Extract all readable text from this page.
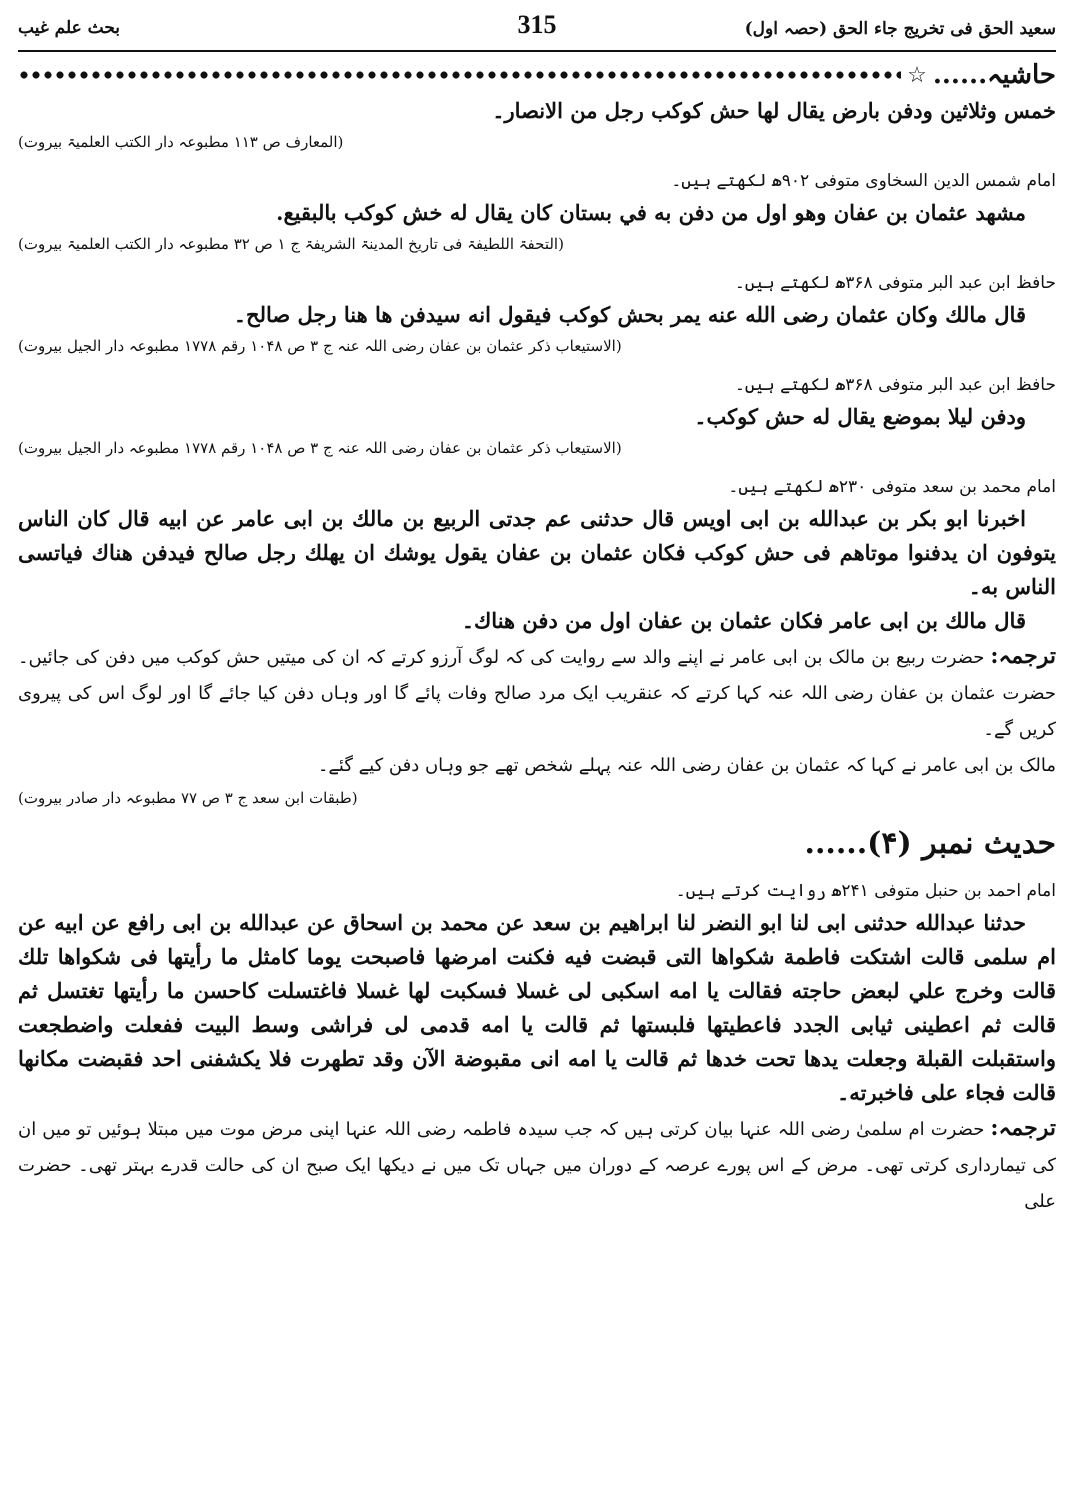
سعید الحق فی تخریج جاء الحق (حصہ اول)
315
بحث علم غیب
حاشیہ......
☆

خمس وثلاثين ودفن بارض يقال لها حش كوكب رجل من الانصار۔

(المعارف ص ۱۱۳ مطبوعہ دار الکتب العلمیۃ بیروت)

امام شمس الدین السخاوی متوفی ۹۰۲ھ لکھتے ہیں۔

مشهد عثمان بن عفان وهو اول من دفن به في بستان كان يقال له خش كوكب بالبقيع.

(التحفۃ اللطیفۃ فی تاریخ المدینۃ الشریفۃ ج ۱ ص ۳۲ مطبوعہ دار الکتب العلمیۃ بیروت)

حافظ ابن عبد البر متوفی ۳۶۸ھ لکھتے ہیں۔

قال مالك وكان عثمان رضى الله عنه يمر بحش كوكب فيقول انه سيدفن ها هنا رجل صالح۔

(الاستیعاب ذکر عثمان بن عفان رضی اللہ عنہ ج ۳ ص ۱۰۴۸ رقم ۱۷۷۸ مطبوعہ دار الجیل بیروت)

حافظ ابن عبد البر متوفی ۳۶۸ھ لکھتے ہیں۔

ودفن ليلا بموضع يقال له حش كوكب۔

(الاستیعاب ذکر عثمان بن عفان رضی اللہ عنہ ج ۳ ص ۱۰۴۸ رقم ۱۷۷۸ مطبوعہ دار الجیل بیروت)

امام محمد بن سعد متوفی ۲۳۰ھ لکھتے ہیں۔

اخبرنا ابو بكر بن عبدالله بن ابى اويس قال حدثنى عم جدتى الربيع بن مالك بن ابى عامر عن ابيه قال كان الناس يتوفون ان يدفنوا موتاهم فى حش كوكب فكان عثمان بن عفان يقول يوشك ان يهلك رجل صالح فيدفن هناك فياتسى الناس به۔

قال مالك بن ابى عامر فكان عثمان بن عفان اول من دفن هناك۔

ترجمہ: حضرت ربیع بن مالک بن ابی عامر نے اپنے والد سے روایت کی کہ لوگ آرزو کرتے کہ ان کی میتیں حش کوکب میں دفن کی جائیں۔ حضرت عثمان بن عفان رضی اللہ عنہ کہا کرتے کہ عنقریب ایک مرد صالح وفات پائے گا اور وہاں دفن کیا جائے گا اور لوگ اس کی پیروی کریں گے۔

مالک بن ابی عامر نے کہا کہ عثمان بن عفان رضی اللہ عنہ پہلے شخص تھے جو وہاں دفن کیے گئے۔

(طبقات ابن سعد ج ۳ ص ۷۷ مطبوعہ دار صادر بیروت)

حدیث نمبر (۴)......

امام احمد بن حنبل متوفی ۲۴۱ھ روایت کرتے ہیں۔

حدثنا عبدالله حدثنى ابى لنا ابو النضر لنا ابراهيم بن سعد عن محمد بن اسحاق عن عبدالله بن ابى رافع عن ابيه عن ام سلمى قالت اشتكت فاطمة شكواها التى قبضت فيه فكنت امرضها فاصبحت يوما كامثل ما رأيتها فى شكواها تلك قالت وخرج علي لبعض حاجته فقالت يا امه اسكبى لى غسلا فسكبت لها غسلا فاغتسلت كاحسن ما رأيتها تغتسل ثم قالت ثم اعطينى ثيابى الجدد فاعطيتها فلبستها ثم قالت يا امه قدمى لى فراشى وسط البيت ففعلت واضطجعت واستقبلت القبلة وجعلت يدها تحت خدها ثم قالت يا امه انى مقبوضة الآن وقد تطهرت فلا يكشفنى احد فقبضت مكانها قالت فجاء على فاخبرته۔

ترجمہ: حضرت ام سلمیٰ رضی اللہ عنہا بیان کرتی ہیں کہ جب سیدہ فاطمہ رضی اللہ عنہا اپنی مرض موت میں مبتلا ہوئیں تو میں ان کی تیمارداری کرتی تھی۔ مرض کے اس پورے عرصہ کے دوران میں جہاں تک میں نے دیکھا ایک صبح ان کی حالت قدرے بہتر تھی۔ حضرت علی
